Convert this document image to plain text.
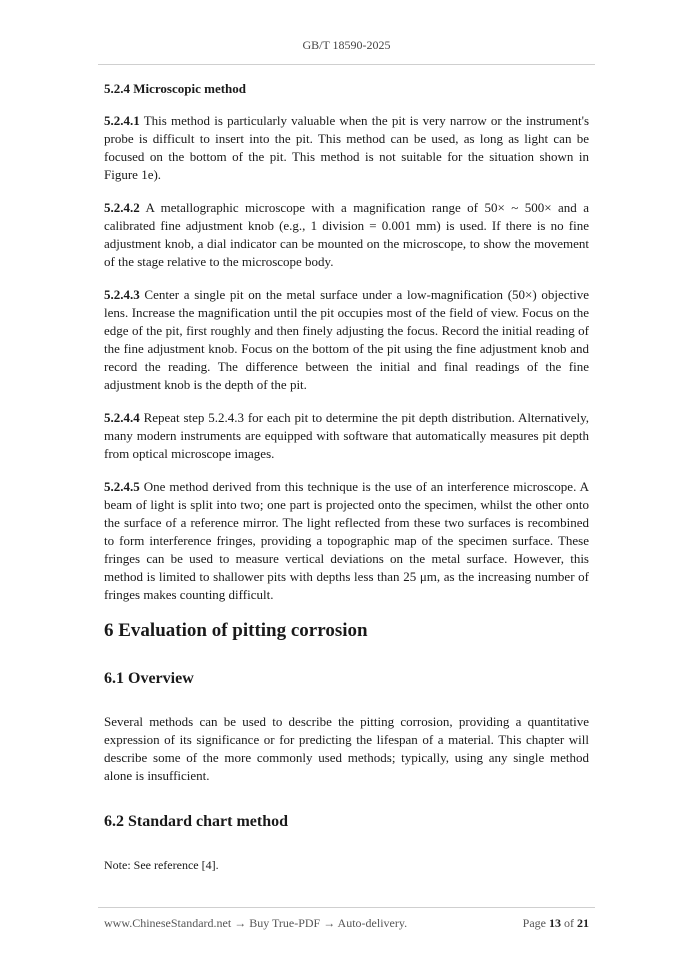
GB/T 18590-2025
5.2.4 Microscopic method

5.2.4.1 This method is particularly valuable when the pit is very narrow or the instrument's probe is difficult to insert into the pit. This method can be used, as long as light can be focused on the bottom of the pit. This method is not suitable for the situation shown in Figure 1e).

5.2.4.2 A metallographic microscope with a magnification range of 50× ~ 500× and a calibrated fine adjustment knob (e.g., 1 division = 0.001 mm) is used. If there is no fine adjustment knob, a dial indicator can be mounted on the microscope, to show the movement of the stage relative to the microscope body.

5.2.4.3 Center a single pit on the metal surface under a low-magnification (50×) objective lens. Increase the magnification until the pit occupies most of the field of view. Focus on the edge of the pit, first roughly and then finely adjusting the focus. Record the initial reading of the fine adjustment knob. Focus on the bottom of the pit using the fine adjustment knob and record the reading. The difference between the initial and final readings of the fine adjustment knob is the depth of the pit.

5.2.4.4 Repeat step 5.2.4.3 for each pit to determine the pit depth distribution. Alternatively, many modern instruments are equipped with software that automatically measures pit depth from optical microscope images.

5.2.4.5 One method derived from this technique is the use of an interference microscope. A beam of light is split into two; one part is projected onto the specimen, whilst the other onto the surface of a reference mirror. The light reflected from these two surfaces is recombined to form interference fringes, providing a topographic map of the specimen surface. These fringes can be used to measure vertical deviations on the metal surface. However, this method is limited to shallower pits with depths less than 25 μm, as the increasing number of fringes makes counting difficult.

6 Evaluation of pitting corrosion
6.1 Overview

Several methods can be used to describe the pitting corrosion, providing a quantitative expression of its significance or for predicting the lifespan of a material. This chapter will describe some of the more commonly used methods; typically, using any single method alone is insufficient.

6.2 Standard chart method

Note: See reference [4].

www.ChineseStandard.net → Buy True-PDF → Auto-delivery.	Page 13 of 21
